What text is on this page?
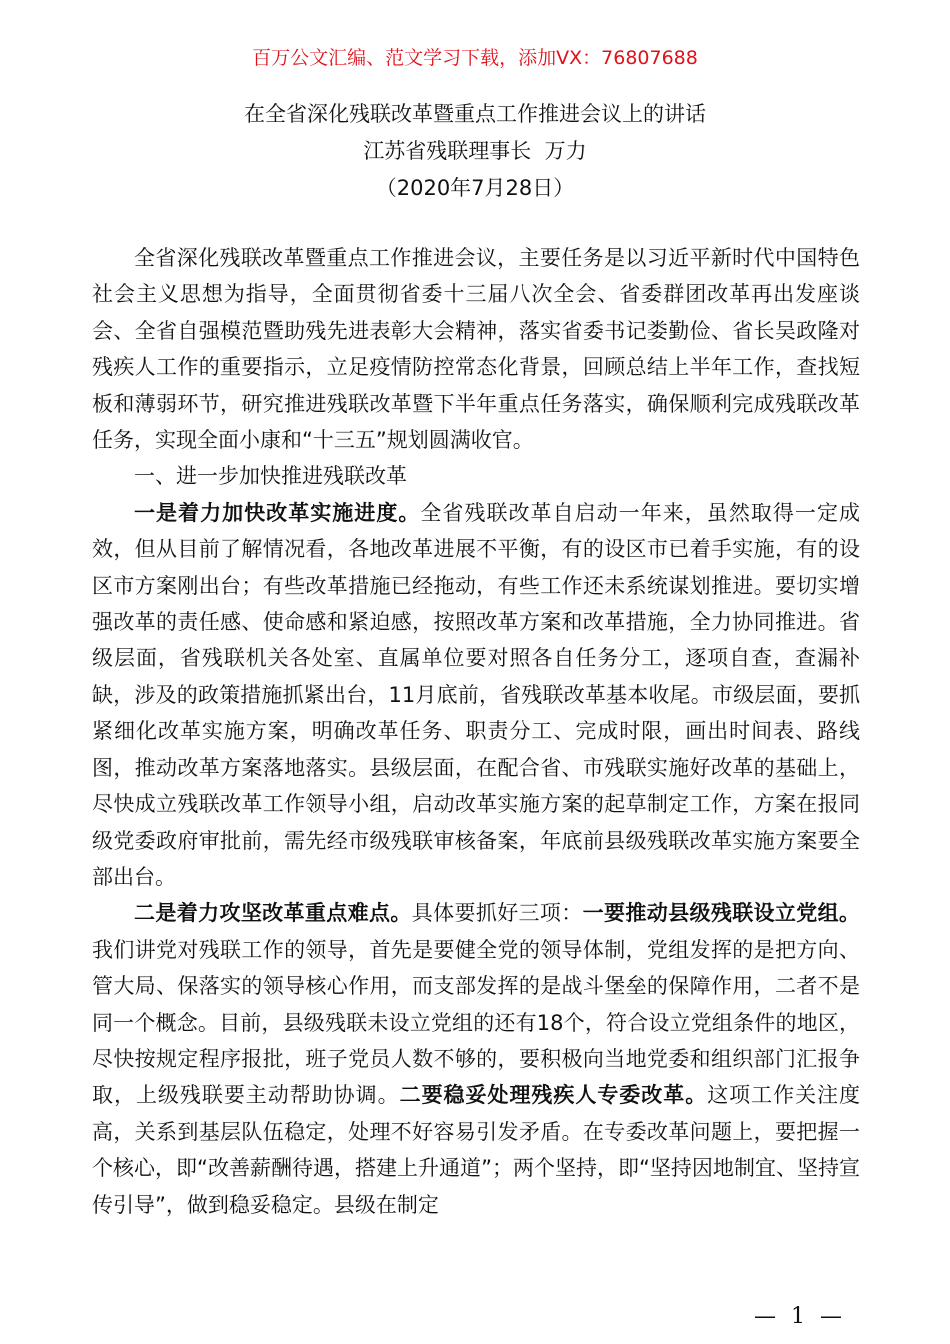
百万公文汇编、范文学习下载，添加VX：76807688
在全省深化残联改革暨重点工作推进会议上的讲话
江苏省残联理事长  万力
（2020年7月28日）

全省深化残联改革暨重点工作推进会议，主要任务是以习近平新时代中国特色社会主义思想为指导，全面贯彻省委十三届八次全会、省委群团改革再出发座谈会、全省自强模范暨助残先进表彰大会精神，落实省委书记娄勤俭、省长吴政隆对残疾人工作的重要指示，立足疫情防控常态化背景，回顾总结上半年工作，查找短板和薄弱环节，研究推进残联改革暨下半年重点任务落实，确保顺利完成残联改革任务，实现全面小康和“十三五”规划圆满收官。

一、进一步加快推进残联改革

一是着力加快改革实施进度。全省残联改革自启动一年来，虽然取得一定成效，但从目前了解情况看，各地改革进展不平衡，有的设区市已着手实施，有的设区市方案刚出台；有些改革措施已经拖动，有些工作还未系统谋划推进。要切实增强改革的责任感、使命感和紧迫感，按照改革方案和改革措施，全力协同推进。省级层面，省残联机关各处室、直属单位要对照各自任务分工，逐项自查，查漏补缺，涉及的政策措施抓紧出台，11月底前，省残联改革基本收尾。市级层面，要抓紧细化改革实施方案，明确改革任务、职责分工、完成时限，画出时间表、路线图，推动改革方案落地落实。县级层面，在配合省、市残联实施好改革的基础上，尽快成立残联改革工作领导小组，启动改革实施方案的起草制定工作，方案在报同级党委政府审批前，需先经市级残联审核备案，年底前县级残联改革实施方案要全部出台。

二是着力攻坚改革重点难点。具体要抓好三项：一要推动县级残联设立党组。我们讲党对残联工作的领导，首先是要健全党的领导体制，党组发挥的是把方向、管大局、保落实的领导核心作用，而支部发挥的是战斗堡垒的保障作用，二者不是同一个概念。目前，县级残联未设立党组的还有18个，符合设立党组条件的地区，尽快按规定程序报批，班子党员人数不够的，要积极向当地党委和组织部门汇报争取，上级残联要主动帮助协调。二要稳妥处理残疾人专委改革。这项工作关注度高，关系到基层队伍稳定，处理不好容易引发矛盾。在专委改革问题上，要把握一个核心，即“改善薪酬待遇，搭建上升通道”；两个坚持，即“坚持因地制宜、坚持宣传引导”，做到稳妥稳定。县级在制定

— 1 —
